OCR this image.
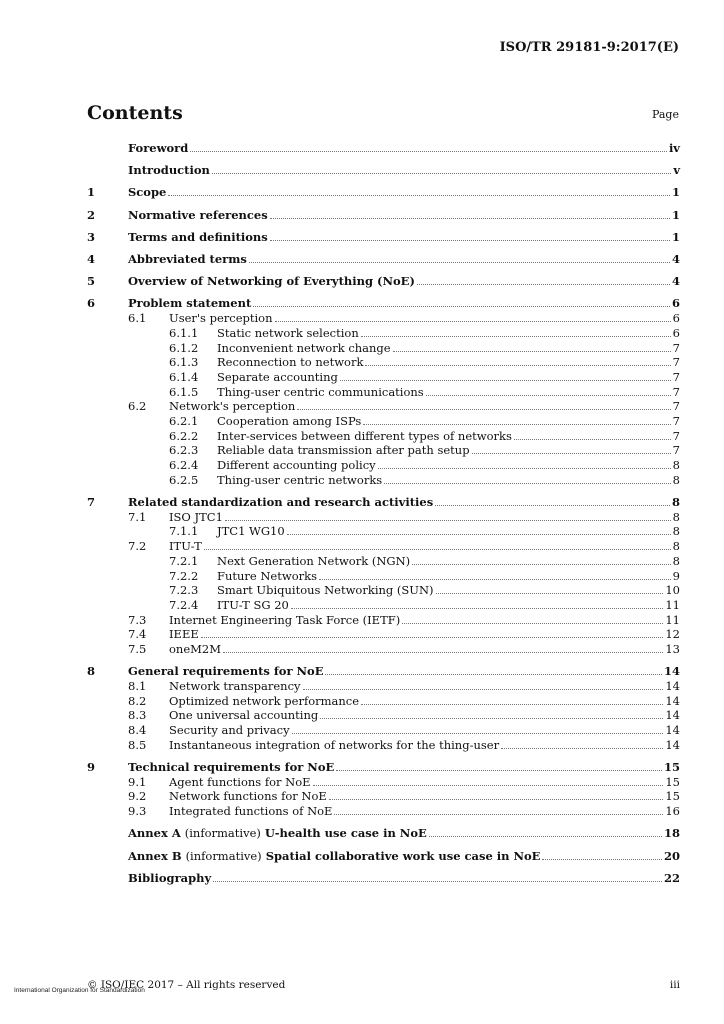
ISO/TR 29181-9:2017(E)
Contents	Page
Foreword	iv
Introduction	v
1	Scope	1
2	Normative references	1
3	Terms and definitions	1
4	Abbreviated terms	4
5	Overview of Networking of Everything (NoE)	4
6	Problem statement	6
6.1	User's perception	6
6.1.1	Static network selection	6
6.1.2	Inconvenient network change	7
6.1.3	Reconnection to network	7
6.1.4	Separate accounting	7
6.1.5	Thing-user centric communications	7
6.2	Network's perception	7
6.2.1	Cooperation among ISPs	7
6.2.2	Inter-services between different types of networks	7
6.2.3	Reliable data transmission after path setup	7
6.2.4	Different accounting policy	8
6.2.5	Thing-user centric networks	8
7	Related standardization and research activities	8
7.1	ISO JTC1	8
7.1.1	JTC1 WG10	8
7.2	ITU-T	8
7.2.1	Next Generation Network (NGN)	8
7.2.2	Future Networks	9
7.2.3	Smart Ubiquitous Networking (SUN)	10
7.2.4	ITU-T SG 20	11
7.3	Internet Engineering Task Force (IETF)	11
7.4	IEEE	12
7.5	oneM2M	13
8	General requirements for NoE	14
8.1	Network transparency	14
8.2	Optimized network performance	14
8.3	One universal accounting	14
8.4	Security and privacy	14
8.5	Instantaneous integration of networks for the thing-user	14
9	Technical requirements for NoE	15
9.1	Agent functions for NoE	15
9.2	Network functions for NoE	15
9.3	Integrated functions of NoE	16
Annex A (informative) U-health use case in NoE	18
Annex B (informative) Spatial collaborative work use case in NoE	20
Bibliography	22
© ISO/IEC 2017 – All rights reserved
International Organization for Standardization	iii
